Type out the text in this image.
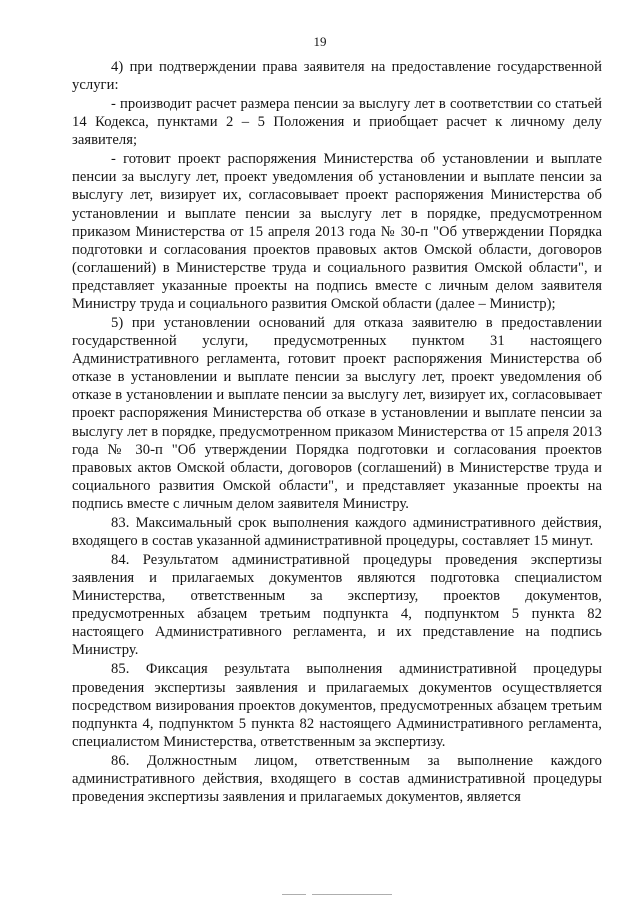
19

4) при подтверждении права заявителя на предоставление государственной услуги:

- производит расчет размера пенсии за выслугу лет в соответствии со статьей 14 Кодекса, пунктами 2 – 5 Положения и приобщает расчет к личному делу заявителя;

- готовит проект распоряжения Министерства об установлении и выплате пенсии за выслугу лет, проект уведомления об установлении и выплате пенсии за выслугу лет, визирует их, согласовывает проект распоряжения Министерства об установлении и выплате пенсии за выслугу лет в порядке, предусмотренном приказом Министерства от 15 апреля 2013 года № 30-п "Об утверждении Порядка подготовки и согласования проектов правовых актов Омской области, договоров (соглашений) в Министерстве труда и социального развития Омской области", и представляет указанные проекты на подпись вместе с личным делом заявителя Министру труда и социального развития Омской области (далее – Министр);

5) при установлении оснований для отказа заявителю в предоставлении государственной услуги, предусмотренных пунктом 31 настоящего Административного регламента, готовит проект распоряжения Министерства об отказе в установлении и выплате пенсии за выслугу лет, проект уведомления об отказе в установлении и выплате пенсии за выслугу лет, визирует их, согласовывает проект распоряжения Министерства об отказе в установлении и выплате пенсии за выслугу лет в порядке, предусмотренном приказом Министерства от 15 апреля 2013 года № 30-п "Об утверждении Порядка подготовки и согласования проектов правовых актов Омской области, договоров (соглашений) в Министерстве труда и социального развития Омской области", и представляет указанные проекты на подпись вместе с личным делом заявителя Министру.

83. Максимальный срок выполнения каждого административного действия, входящего в состав указанной административной процедуры, составляет 15 минут.

84. Результатом административной процедуры проведения экспертизы заявления и прилагаемых документов являются подготовка специалистом Министерства, ответственным за экспертизу, проектов документов, предусмотренных абзацем третьим подпункта 4, подпунктом 5 пункта 82 настоящего Административного регламента, и их представление на подпись Министру.

85. Фиксация результата выполнения административной процедуры проведения экспертизы заявления и прилагаемых документов осуществляется посредством визирования проектов документов, предусмотренных абзацем третьим подпункта 4, подпунктом 5 пункта 82 настоящего Административного регламента, специалистом Министерства, ответственным за экспертизу.

86. Должностным лицом, ответственным за выполнение каждого административного действия, входящего в состав административной процедуры проведения экспертизы заявления и прилагаемых документов, является
